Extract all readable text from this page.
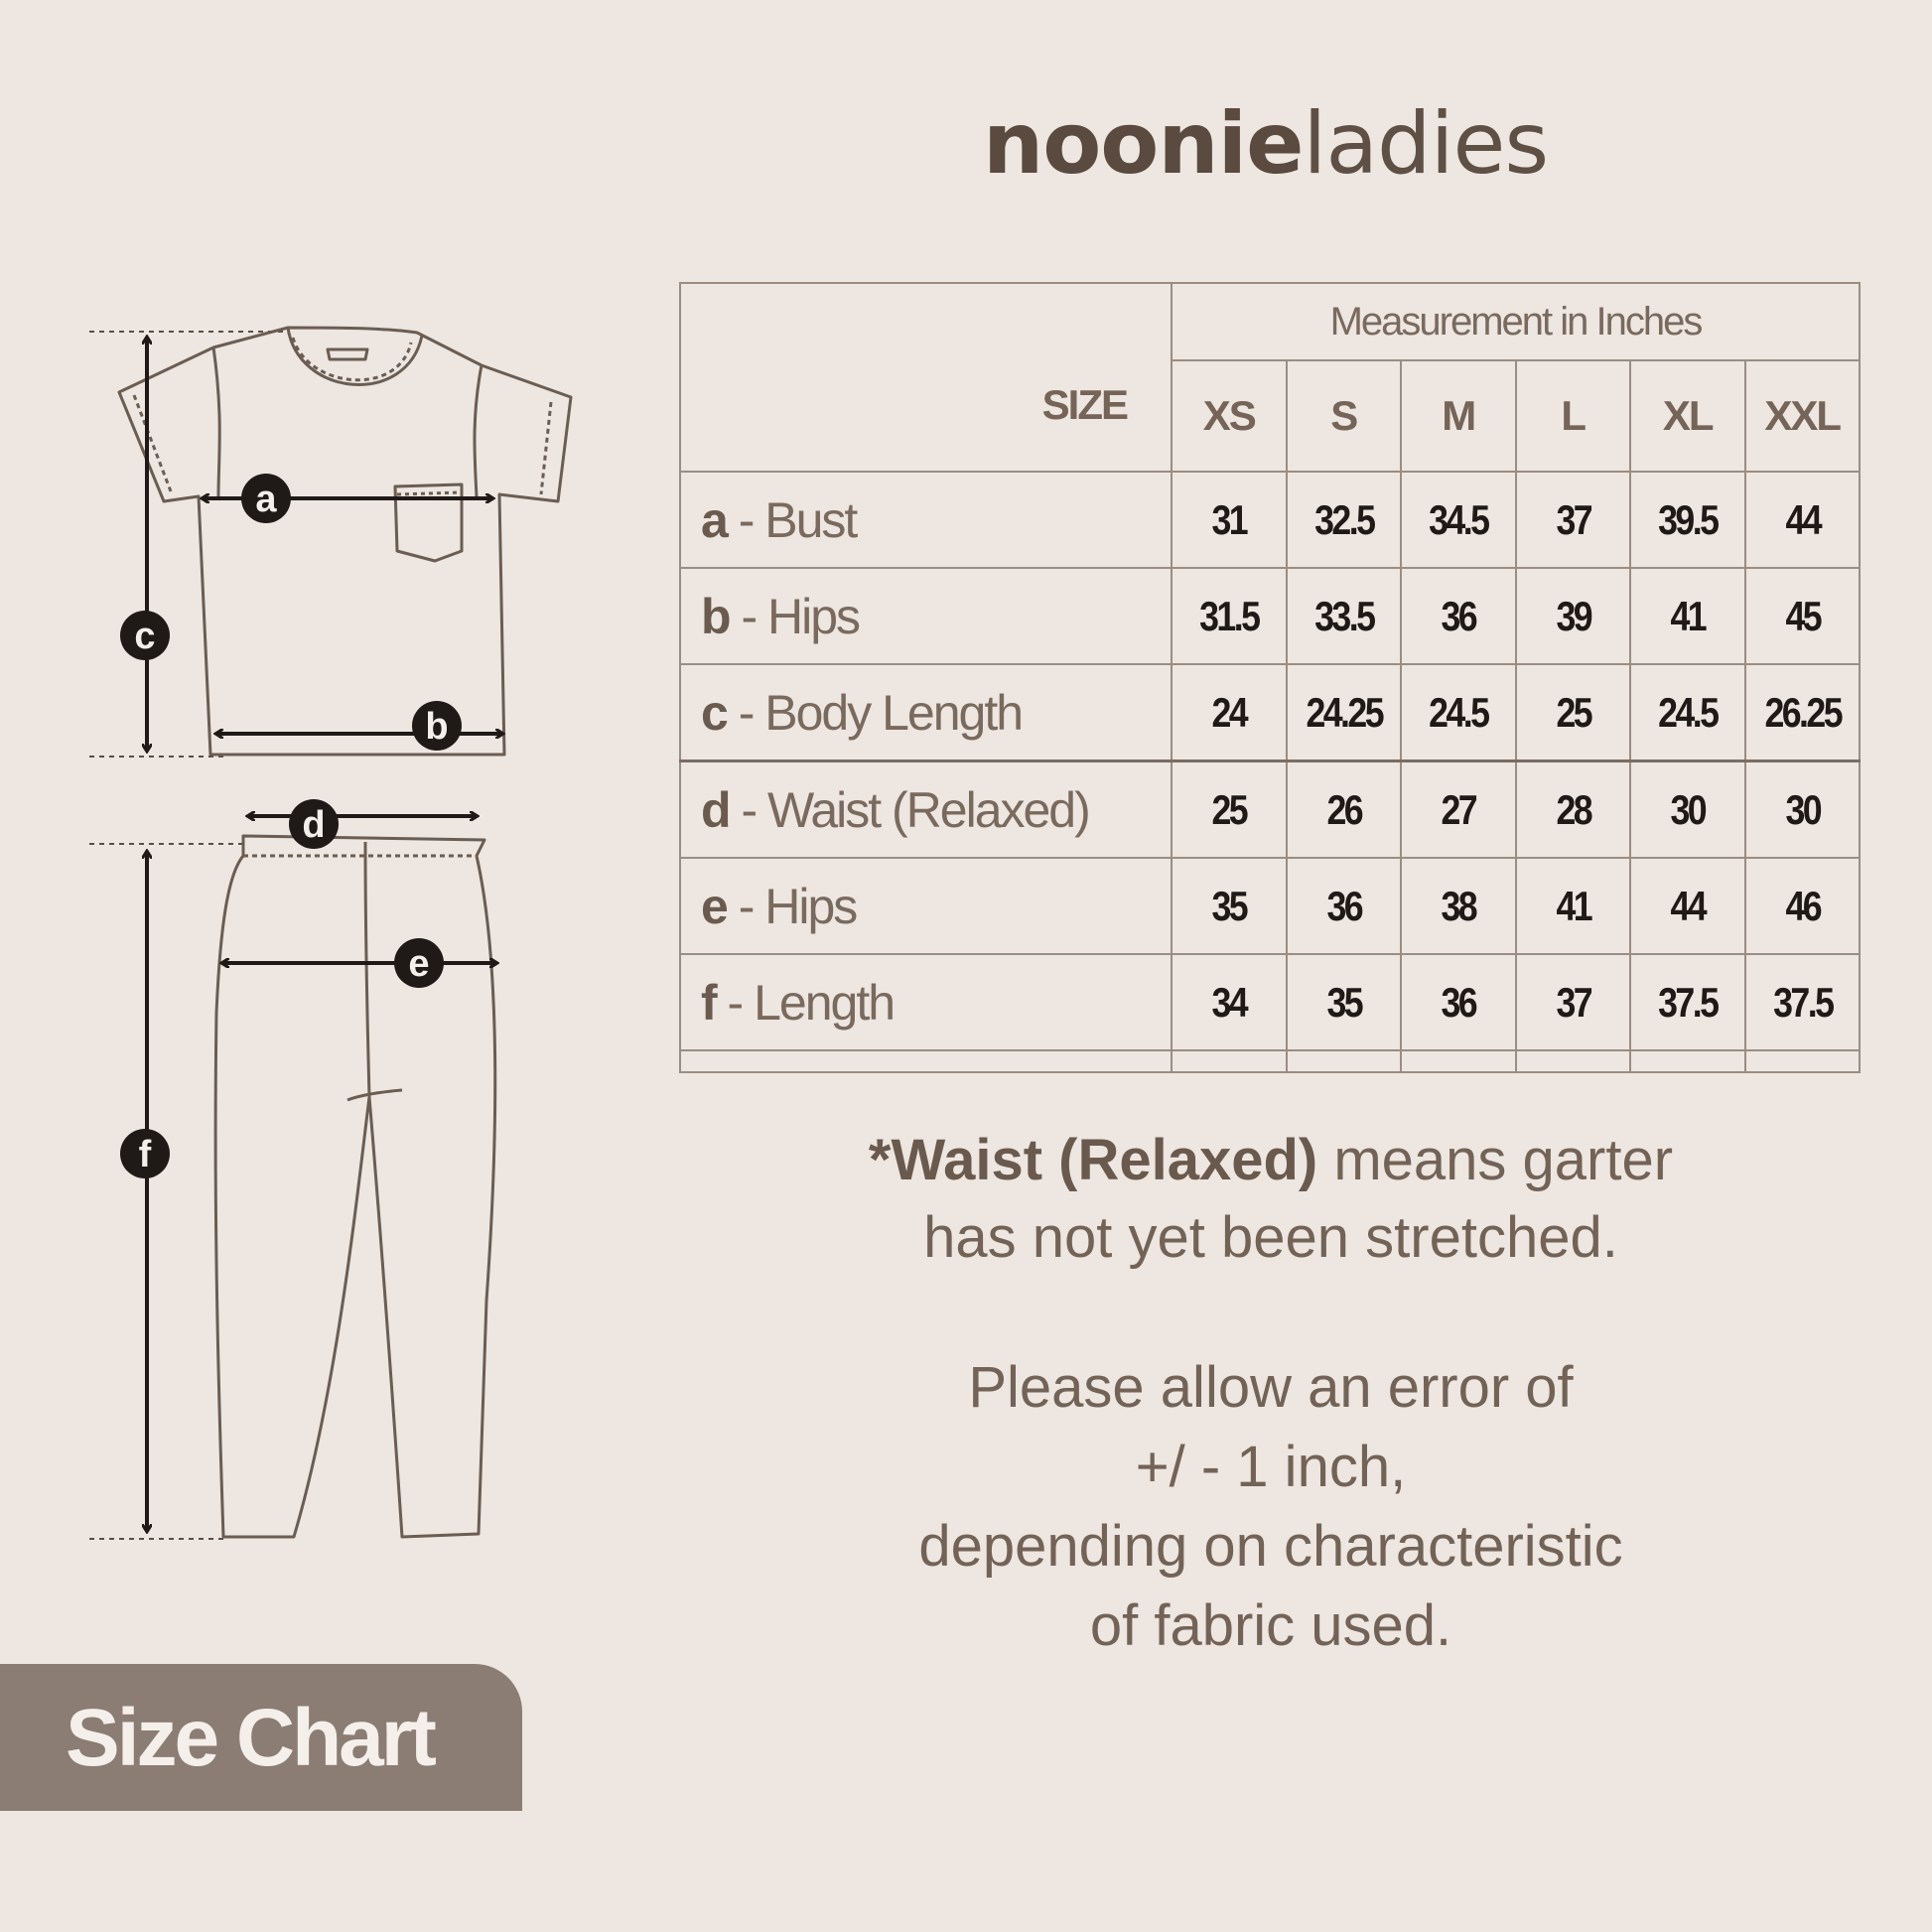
noonieladies
a
b
c
d
e
f
SIZE	Measurement in Inches					
	XS	S	M	L	XL	XXL
a - Bust	31	32.5	34.5	37	39.5	44
b - Hips	31.5	33.5	36	39	41	45
c - Body Length	24	24.25	24.5	25	24.5	26.25
d - Waist (Relaxed)	25	26	27	28	30	30
e - Hips	35	36	38	41	44	46
f - Length	34	35	36	37	37.5	37.5

*Waist (Relaxed) means garter
has not yet been stretched.
Please allow an error of
+/ - 1 inch,
depending on characteristic
of fabric used.
Size Chart
